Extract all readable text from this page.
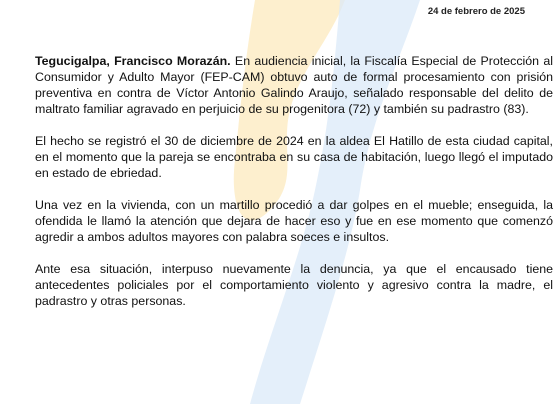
24 de febrero de 2025

Tegucigalpa, Francisco Morazán. En audiencia inicial, la Fiscalía Especial de Protección al Consumidor y Adulto Mayor (FEP-CAM) obtuvo auto de formal procesamiento con prisión preventiva en contra de Víctor Antonio Galindo Araujo, señalado responsable del delito de maltrato familiar agravado en perjuicio de su progenitora (72) y también su padrastro (83).

El hecho se registró el 30 de diciembre de 2024 en la aldea El Hatillo de esta ciudad capital, en el momento que la pareja se encontraba en su casa de habitación, luego llegó el imputado en estado de ebriedad.

Una vez en la vivienda, con un martillo procedió a dar golpes en el mueble; enseguida, la ofendida le llamó la atención que dejara de hacer eso y fue en ese momento que comenzó agredir a ambos adultos mayores con palabra soeces e insultos.

Ante esa situación, interpuso nuevamente la denuncia, ya que el encausado tiene antecedentes policiales por el comportamiento violento y agresivo contra la madre, el padrastro y otras personas.
